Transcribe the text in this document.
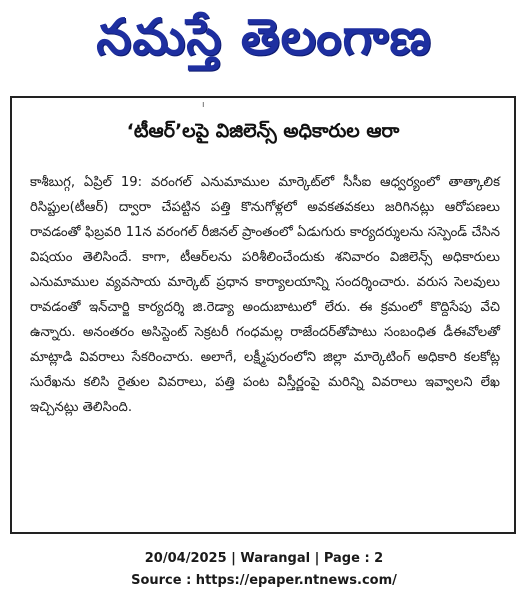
నమస్తే తెలంగాణ
ı
‘టీఆర్’లపై విజిలెన్స్ అధికారుల ఆరా
కాశీబుగ్గ, ఏప్రిల్ 19: వరంగల్ ఎనుమాముల మార్కెట్‌లో సీసీఐ ఆధ్వర్యంలో తాత్కాలిక రిసిప్టుల(టీఆర్) ద్వారా చేపట్టిన పత్తి కొనుగోళ్లలో అవకతవకలు జరిగినట్లు ఆరోపణలు రావడంతో ఫిబ్రవరి 11న వరంగల్ రీజినల్ ప్రాంతంలో ఏడుగురు కార్యదర్శులను సస్పెండ్ చేసిన విషయం తెలిసిందే. కాగా, టీఆర్‌లను పరిశీలించేందుకు శనివారం విజిలెన్స్ అధికారులు ఎనుమాముల వ్యవసాయ మార్కెట్ ప్రధాన కార్యాలయాన్ని సందర్శించారు. వరుస సెలవులు రావడంతో ఇన్‌చార్జి కార్యదర్శి జి.రెడ్యా అందుబాటులో లేరు. ఈ క్రమంలో కొద్దిసేపు వేచి ఉన్నారు. అనంతరం అసిస్టెంట్ సెక్రటరీ గంధమల్ల రాజేందర్‌తోపాటు సంబంధిత డీఈవోలతో మాట్లాడి వివరాలు సేకరించారు. అలాగే, లక్ష్మీపురంలోని జిల్లా మార్కెటింగ్ అధికారి కలకోట్ల సురేఖను కలిసి రైతుల వివరాలు, పత్తి పంట విస్తీర్ణంపై మరిన్ని వివరాలు ఇవ్వాలని లేఖ ఇచ్చినట్లు తెలిసింది.
20/04/2025 | Warangal | Page : 2
Source : https://epaper.ntnews.com/
